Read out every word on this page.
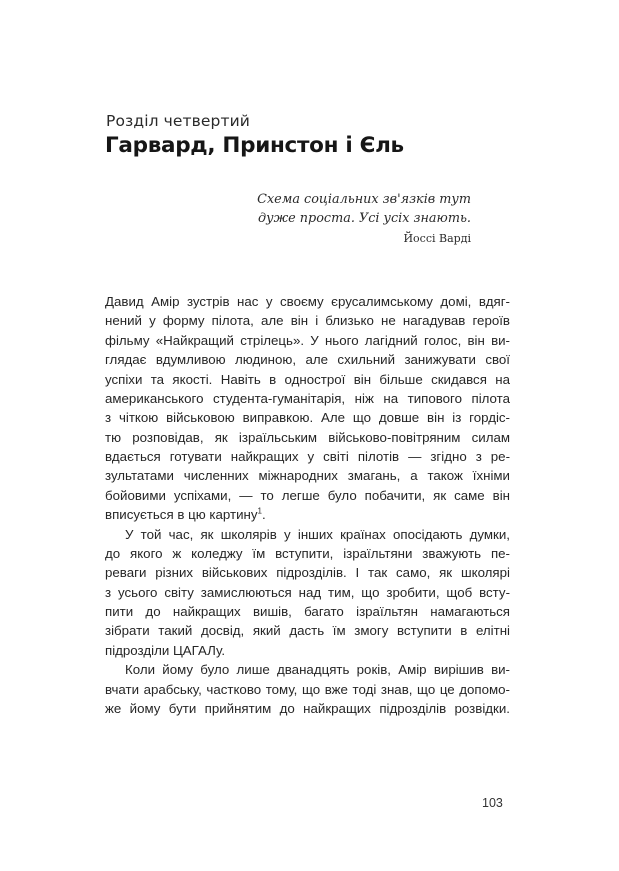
Розділ четвертий
Гарвард, Принстон і Єль
Схема соціальних зв'язків тут
дуже проста. Усі усіх знають.
Йоссі Варді
Давид Амір зустрів нас у своєму єрусалимському домі, вдяг-
нений у форму пілота, але він і близько не нагадував героїв
фільму «Найкращий стрілець». У нього лагідний голос, він ви-
глядає вдумливою людиною, але схильний занижувати свої
успіхи та якості. Навіть в однострої він більше скидався на
американського студента-гуманітарія, ніж на типового пілота
з чіткою військовою виправкою. Але що довше він із гордіс-
тю розповідав, як ізраїльським військово-повітряним силам
вдається готувати найкращих у світі пілотів — згідно з ре-
зультатами численних міжнародних змагань, а також їхніми
бойовими успіхами, — то легше було побачити, як саме він
вписується в цю картину$^1$.
У той час, як школярів у інших країнах опосідають думки,
до якого ж коледжу їм вступити, ізраїльтяни зважують пе-
реваги різних військових підрозділів. І так само, як школярі
з усього світу замислюються над тим, що зробити, щоб всту-
пити до найкращих вишів, багато ізраїльтян намагаються
зібрати такий досвід, який дасть їм змогу вступити в елітні
підрозділи ЦАГАЛу.
Коли йому було лише дванадцять років, Амір вирішив ви-
вчати арабську, частково тому, що вже тоді знав, що це допомо-
же йому бути прийнятим до найкращих підрозділів розвідки.
103
